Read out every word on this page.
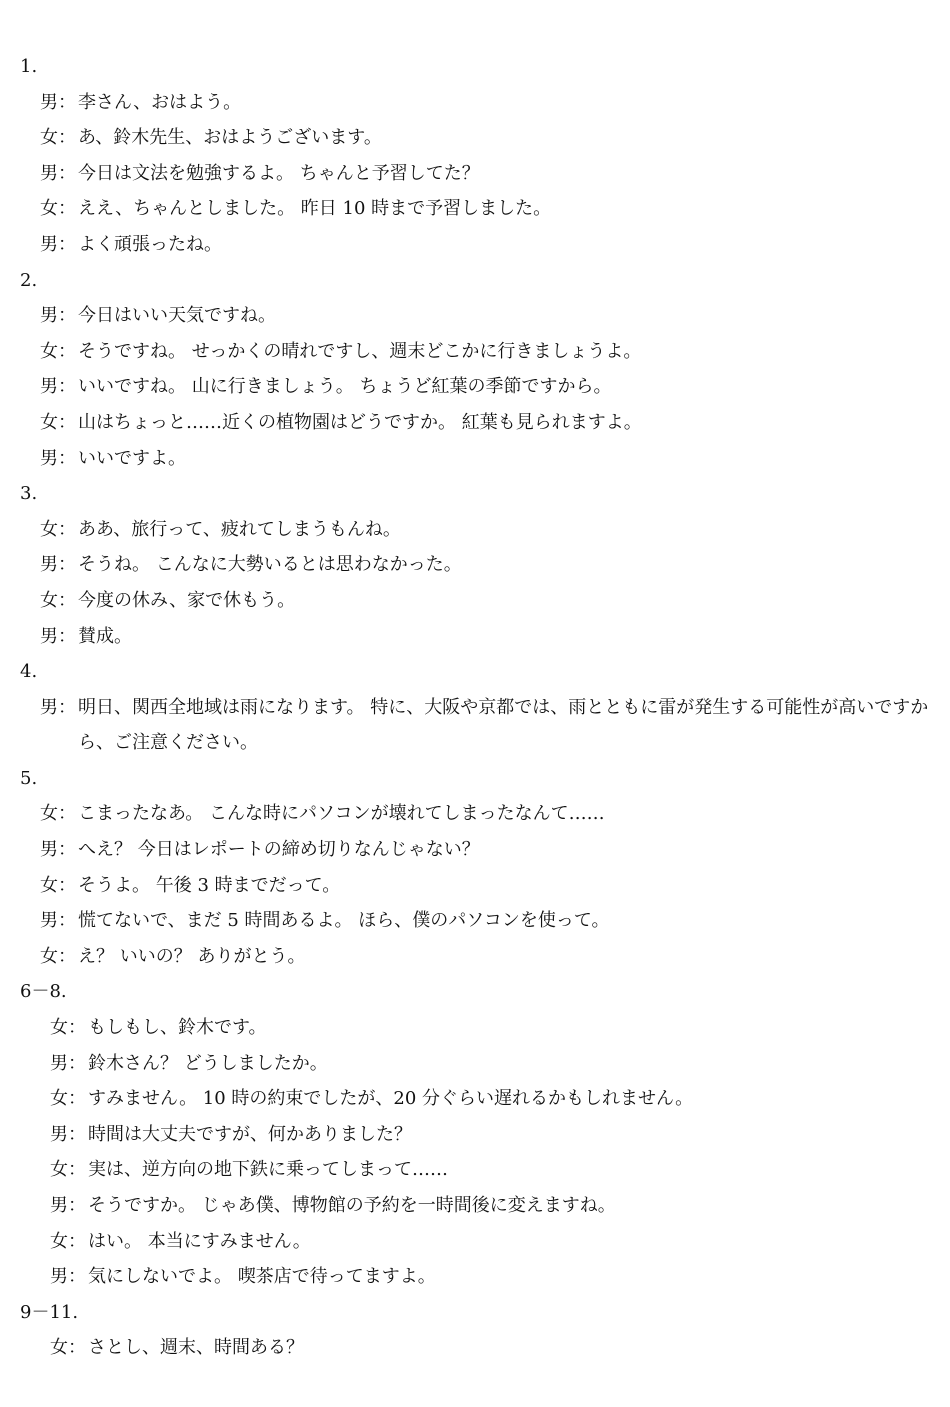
1.
男： 李さん、おはよう。
女： あ、鈴木先生、おはようございます。
男： 今日は文法を勉強するよ。 ちゃんと予習してた？
女： ええ、ちゃんとしました。 昨日 10 時まで予習しました。
男： よく頑張ったね。
2.
男： 今日はいい天気ですね。
女： そうですね。 せっかくの晴れですし、週末どこかに行きましょうよ。
男： いいですね。 山に行きましょう。 ちょうど紅葉の季節ですから。
女： 山はちょっと……近くの植物園はどうですか。 紅葉も見られますよ。
男： いいですよ。
3.
女： ああ、旅行って、疲れてしまうもんね。
男： そうね。 こんなに大勢いるとは思わなかった。
女： 今度の休み、家で休もう。
男： 賛成。
4.
男： 明日、関西全地域は雨になります。 特に、大阪や京都では、雨とともに雷が発生する可能性が高いですから、ご注意ください。
5.
女： こまったなあ。 こんな時にパソコンが壊れてしまったなんて……
男： へえ？ 今日はレポートの締め切りなんじゃない？
女： そうよ。 午後 3 時までだって。
男： 慌てないで、まだ 5 時間あるよ。 ほら、僕のパソコンを使って。
女： え？ いいの？ ありがとう。
6－8.
女： もしもし、鈴木です。
男： 鈴木さん？ どうしましたか。
女： すみません。 10 時の約束でしたが、20 分ぐらい遅れるかもしれません。
男： 時間は大丈夫ですが、何かありました？
女： 実は、逆方向の地下鉄に乗ってしまって……
男： そうですか。 じゃあ僕、博物館の予約を一時間後に変えますね。
女： はい。 本当にすみません。
男： 気にしないでよ。 喫茶店で待ってますよ。
9－11.
女： さとし、週末、時間ある？
